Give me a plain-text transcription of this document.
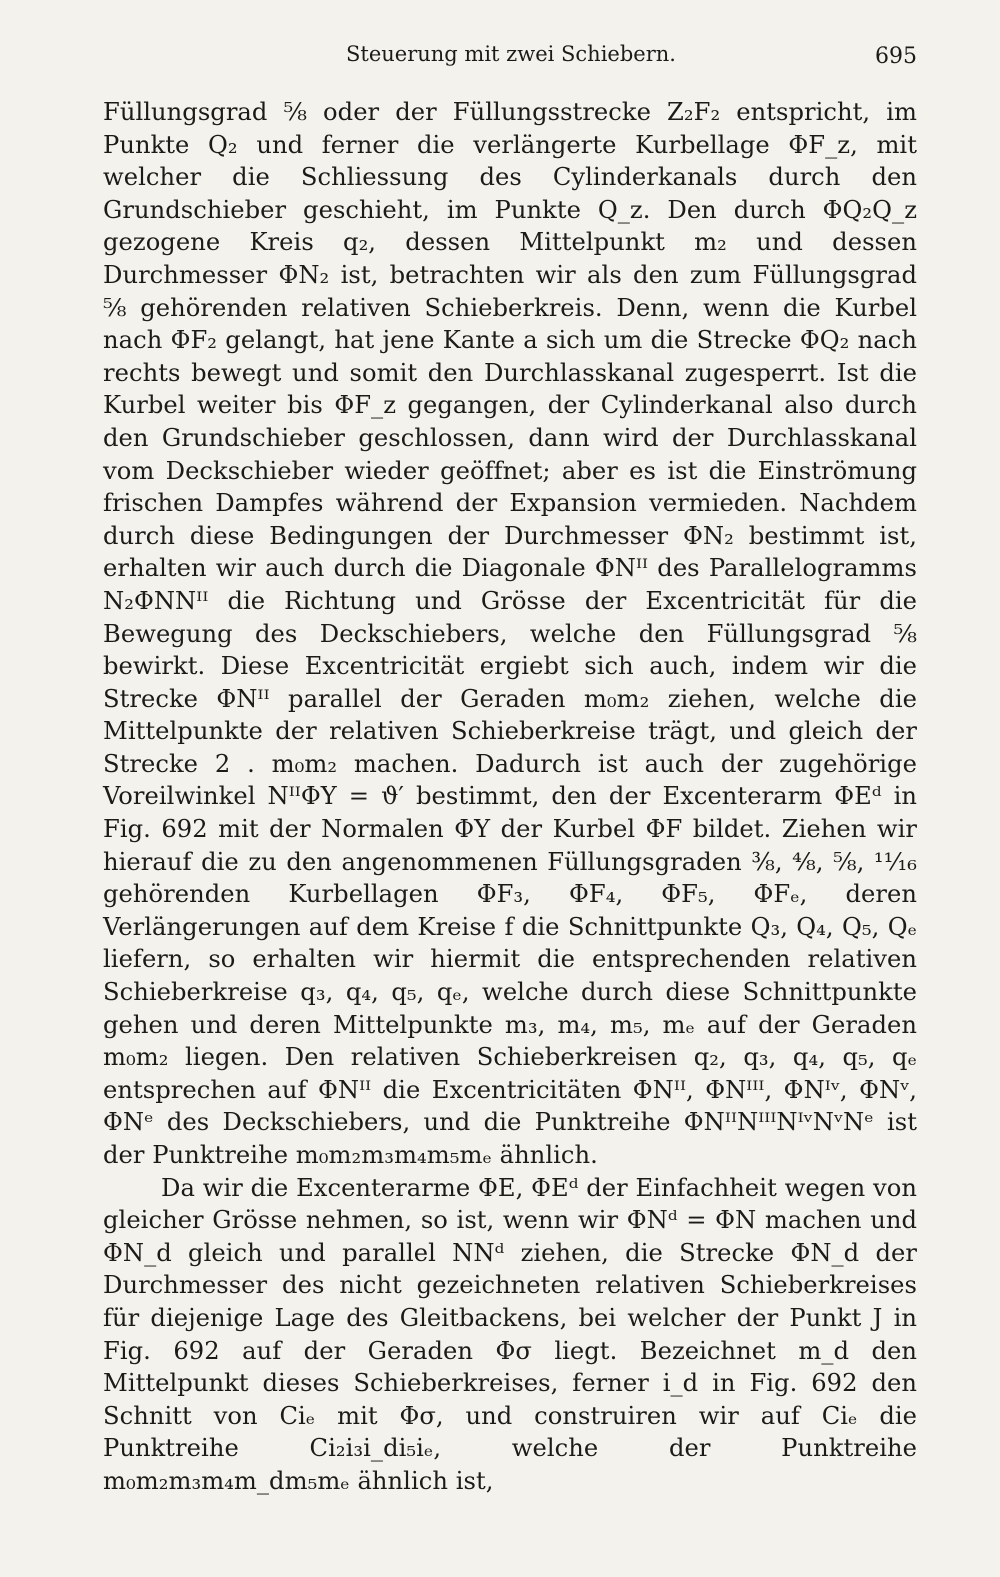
Steuerung mit zwei Schiebern.	695

Füllungsgrad ⅝ oder der Füllungsstrecke Z₂F₂ entspricht, im Punkte Q₂ und ferner die verlängerte Kurbellage ΦF_z, mit welcher die Schliessung des Cylinderkanals durch den Grundschieber geschieht, im Punkte Q_z. Den durch ΦQ₂Q_z gezogene Kreis q₂, dessen Mittelpunkt m₂ und dessen Durchmesser ΦN₂ ist, betrachten wir als den zum Füllungsgrad ⅝ gehörenden relativen Schieberkreis. Denn, wenn die Kurbel nach ΦF₂ gelangt, hat jene Kante a sich um die Strecke ΦQ₂ nach rechts bewegt und somit den Durchlasskanal zugesperrt. Ist die Kurbel weiter bis ΦF_z gegangen, der Cylinderkanal also durch den Grundschieber geschlossen, dann wird der Durchlasskanal vom Deckschieber wieder geöffnet; aber es ist die Einströmung frischen Dampfes während der Expansion vermieden. Nachdem durch diese Bedingungen der Durchmesser ΦN₂ bestimmt ist, erhalten wir auch durch die Diagonale ΦNᴵᴵ des Parallelogramms N₂ΦNNᴵᴵ die Richtung und Grösse der Excentricität für die Bewegung des Deckschiebers, welche den Füllungsgrad ⅝ bewirkt. Diese Excentricität ergiebt sich auch, indem wir die Strecke ΦNᴵᴵ parallel der Geraden m₀m₂ ziehen, welche die Mittelpunkte der relativen Schieberkreise trägt, und gleich der Strecke 2 . m₀m₂ machen. Dadurch ist auch der zugehörige Voreilwinkel NᴵᴵΦY = ϑ′ bestimmt, den der Excenterarm ΦEᵈ in Fig. 692 mit der Normalen ΦY der Kurbel ΦF bildet. Ziehen wir hierauf die zu den angenommenen Füllungsgraden ⅜, ⁴⁄₈, ⅝, ¹¹⁄₁₆ gehörenden Kurbellagen ΦF₃, ΦF₄, ΦF₅, ΦFₑ, deren Verlängerungen auf dem Kreise f die Schnittpunkte Q₃, Q₄, Q₅, Qₑ liefern, so erhalten wir hiermit die entsprechenden relativen Schieberkreise q₃, q₄, q₅, qₑ, welche durch diese Schnittpunkte gehen und deren Mittelpunkte m₃, m₄, m₅, mₑ auf der Geraden m₀m₂ liegen. Den relativen Schieberkreisen q₂, q₃, q₄, q₅, qₑ entsprechen auf ΦNᴵᴵ die Excentricitäten ΦNᴵᴵ, ΦNᴵᴵᴵ, ΦNᴵᵛ, ΦNᵛ, ΦNᵉ des Deckschiebers, und die Punktreihe ΦNᴵᴵNᴵᴵᴵNᴵᵛNᵛNᵉ ist der Punktreihe m₀m₂m₃m₄m₅mₑ ähnlich.

Da wir die Excenterarme ΦE, ΦEᵈ der Einfachheit wegen von gleicher Grösse nehmen, so ist, wenn wir ΦNᵈ = ΦN machen und ΦN_d gleich und parallel NNᵈ ziehen, die Strecke ΦN_d der Durchmesser des nicht gezeichneten relativen Schieberkreises für diejenige Lage des Gleitbackens, bei welcher der Punkt J in Fig. 692 auf der Geraden Φσ liegt. Bezeichnet m_d den Mittelpunkt dieses Schieberkreises, ferner i_d in Fig. 692 den Schnitt von Ciₑ mit Φσ, und construiren wir auf Ciₑ die Punktreihe Ci₂i₃i_di₅iₑ, welche der Punktreihe m₀m₂m₃m₄m_dm₅mₑ ähnlich ist,
